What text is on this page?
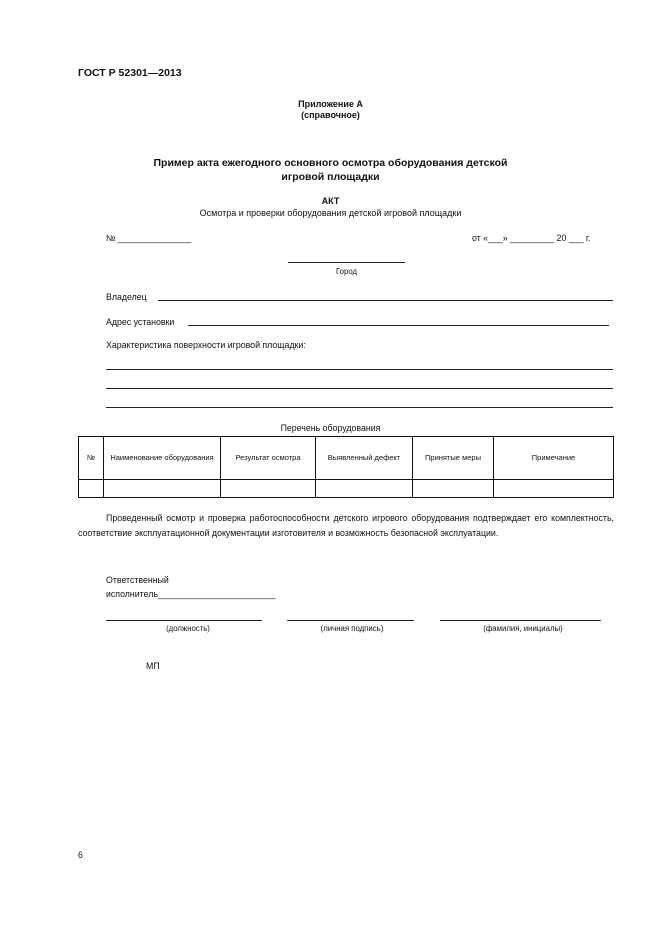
ГОСТ Р 52301—2013
Приложение А
(справочное)
Пример акта ежегодного основного осмотра оборудования детской
игровой площадки
АКТ
Осмотра и проверки оборудования детской игровой площадки
№ _______________	от «___» _________ 20 ___ г.
Город
Владелец
Адрес установки
Характеристика поверхности игровой площадки:
Перечень оборудования
№	Наименование оборудования	Результат осмотра	Выявленный дефект	Принятые меры	Примечание

Проведенный осмотр и проверка работоспособности детского игрового оборудования подтверждает его комплектность, соответствие эксплуатационной документации изготовителя и возможность безопасной эксплуатации.
Ответственный
исполнитель________________________
(должность)	(личная подпись)	(фамилия, инициалы)
МП
6
